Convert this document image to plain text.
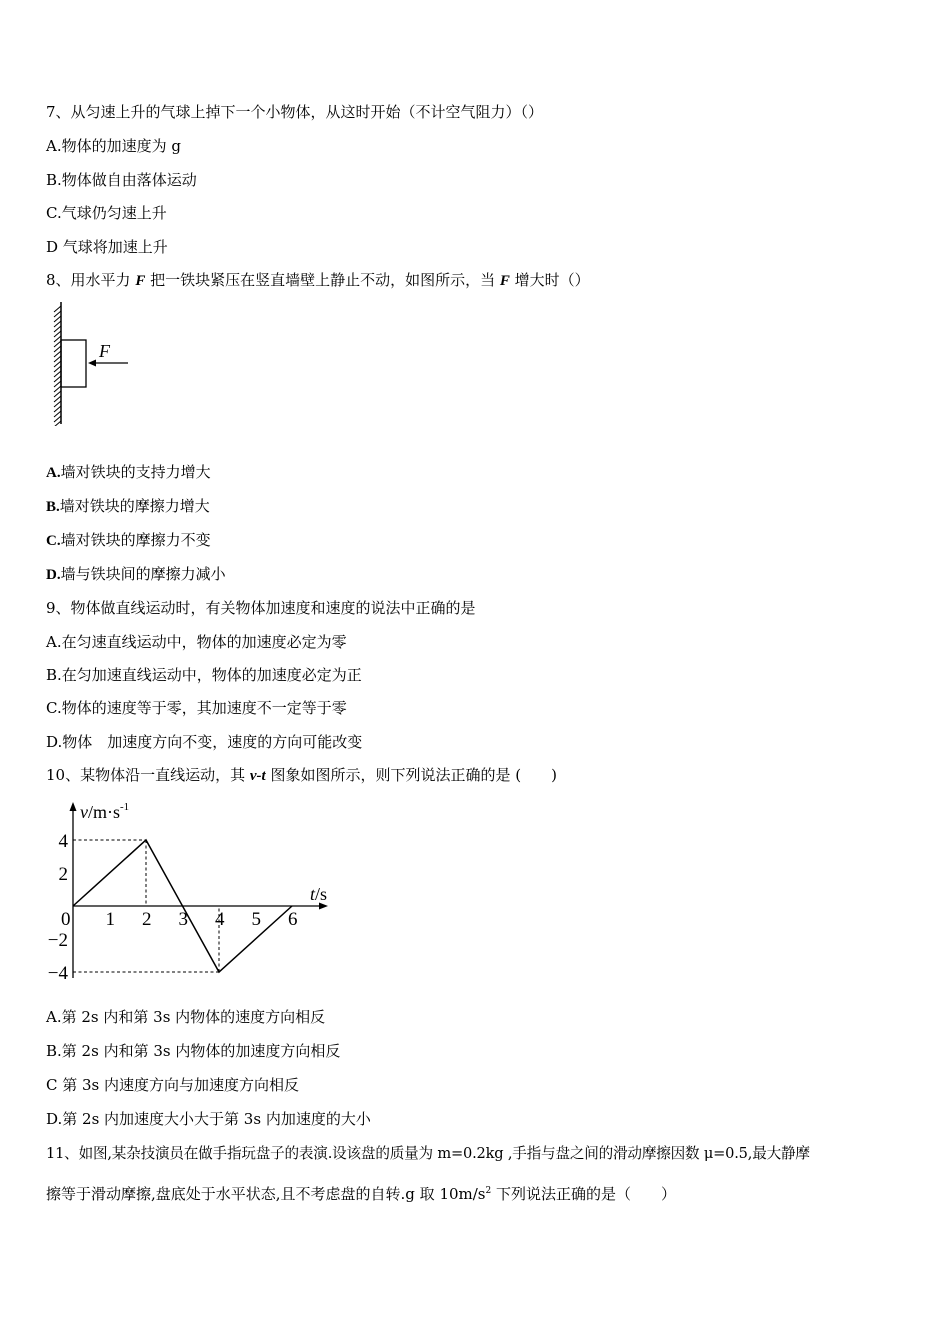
7、从匀速上升的气球上掉下一个小物体，从这时开始（不计空气阻力）（）
A.物体的加速度为 g
B.物体做自由落体运动
C.气球仍匀速上升
D 气球将加速上升
8、用水平力 F 把一铁块紧压在竖直墙壁上静止不动，如图所示，当 F 增大时（）
F
A.墙对铁块的支持力增大
B.墙对铁块的摩擦力增大
C.墙对铁块的摩擦力不变
D.墙与铁块间的摩擦力减小
9、物体做直线运动时，有关物体加速度和速度的说法中正确的是
A.在匀速直线运动中，物体的加速度必定为零
B.在匀加速直线运动中，物体的加速度必定为正
C.物体的速度等于零，其加速度不一定等于零
D.物体　加速度方向不变，速度的方向可能改变
10、某物体沿一直线运动，其 v-t 图象如图所示，则下列说法正确的是 (　　)
0 1 2 3 4 5 6
4
2
−2
−4
$v/m\cdot s^{-1}$
t/s
A.第 2s 内和第 3s 内物体的速度方向相反
B.第 2s 内和第 3s 内物体的加速度方向相反
C 第 3s 内速度方向与加速度方向相反
D.第 2s 内加速度大小大于第 3s 内加速度的大小
11、如图,某杂技演员在做手指玩盘子的表演.设该盘的质量为 m=0.2kg ,手指与盘之间的滑动摩擦因数 μ=0.5,最大静摩
擦等于滑动摩擦,盘底处于水平状态,且不考虑盘的自转.g 取 $10m/s^2$ 下列说法正确的是（　　）
